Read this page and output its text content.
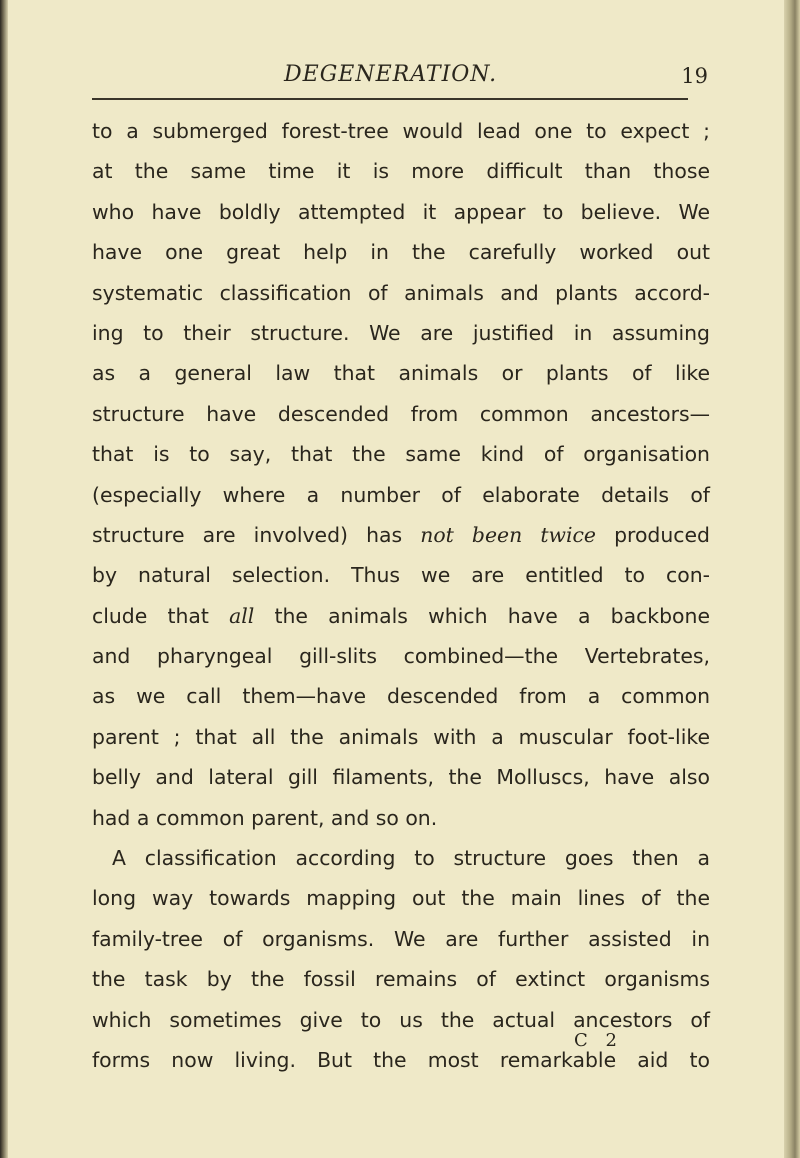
DEGENERATION.	19
to a submerged forest-tree would lead one to expect ;
at the same time it is more difficult than those
who have boldly attempted it appear to believe. We
have one great help in the carefully worked out
systematic classification of animals and plants accord-
ing to their structure. We are justified in assuming
as a general law that animals or plants of like
structure have descended from common ancestors—
that is to say, that the same kind of organisation
(especially where a number of elaborate details of
structure are involved) has not been twice produced
by natural selection. Thus we are entitled to con-
clude that all the animals which have a backbone
and pharyngeal gill-slits combined—the Vertebrates,
as we call them—have descended from a common
parent ; that all the animals with a muscular foot-like
belly and lateral gill filaments, the Molluscs, have also
had a common parent, and so on.
A classification according to structure goes then a
long way towards mapping out the main lines of the
family-tree of organisms. We are further assisted in
the task by the fossil remains of extinct organisms
which sometimes give to us the actual ancestors of
forms now living. But the most remarkable aid to
C 2
